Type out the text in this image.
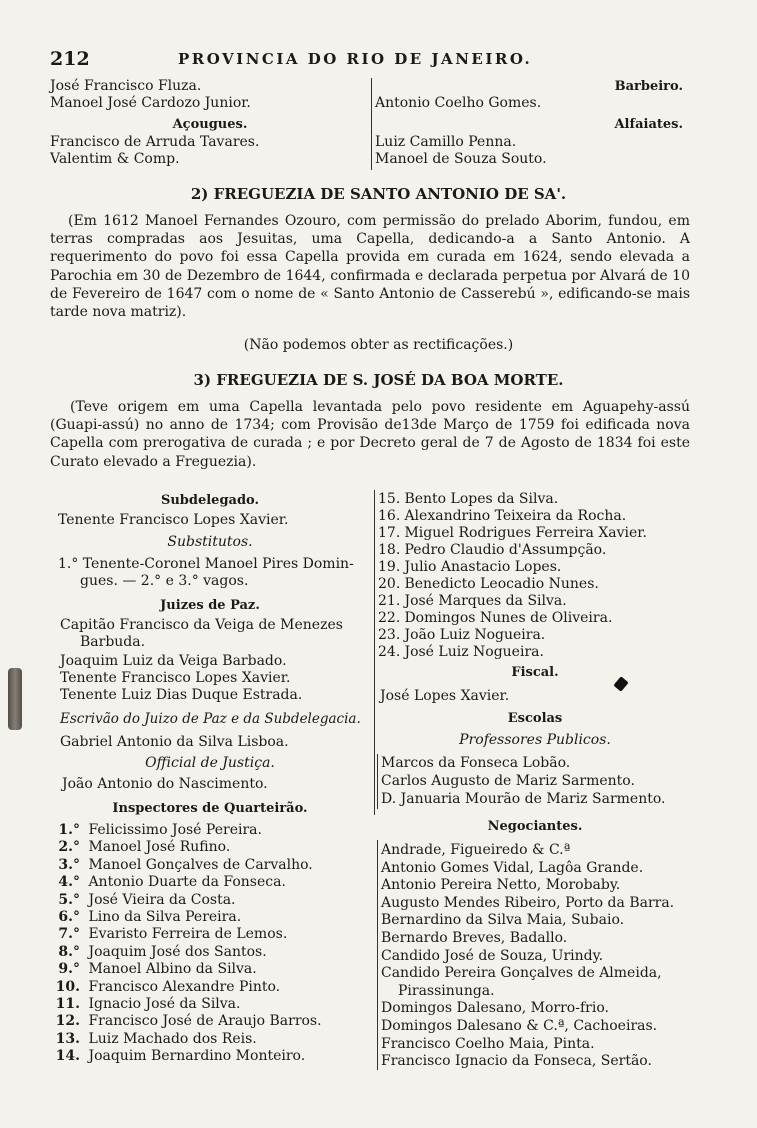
212	PROVINCIA DO RIO DE JANEIRO.
José Francisco Fluza.
Manoel José Cardozo Junior.
Açougues.
Francisco de Arruda Tavares.
Valentim & Comp.
Barbeiro.
Antonio Coelho Gomes.
Alfaiates.
Luiz Camillo Penna.
Manoel de Souza Souto.
2) FREGUEZIA DE SANTO ANTONIO DE SA'.
(Em 1612 Manoel Fernandes Ozouro, com permissão do prelado Aborim, fundou, em terras compradas aos Jesuitas, uma Capella, dedicando-a a Santo Antonio. A requerimento do povo foi essa Capella provida em curada em 1624, sendo elevada a Parochia em 30 de Dezembro de 1644, confirmada e declarada perpetua por Alvará de 10 de Fevereiro de 1647 com o nome de « Santo Antonio de Casserebú », edificando-se mais tarde nova matriz).
(Não podemos obter as rectificações.)
3) FREGUEZIA DE S. JOSÉ DA BOA MORTE.
(Teve origem em uma Capella levantada pelo povo residente em Aguapehy-assú (Guapi-assú) no anno de 1734; com Provisão de13de Março de 1759 foi edificada nova Capella com prerogativa de curada ; e por Decreto geral de 7 de Agosto de 1834 foi este Curato elevado a Freguezia).
Subdelegado.
Tenente Francisco Lopes Xavier.
Substitutos.
1.° Tenente-Coronel Manoel Pires Domin-
gues. — 2.° e 3.° vagos.
Juizes de Paz.
Capitão Francisco da Veiga de Menezes
Barbuda.
Joaquim Luiz da Veiga Barbado.
Tenente Francisco Lopes Xavier.
Tenente Luiz Dias Duque Estrada.
Escrivão do Juizo de Paz e da Subdelegacia.
Gabriel Antonio da Silva Lisboa.
Official de Justiça.
João Antonio do Nascimento.
Inspectores de Quarteirão.
1.° Felicissimo José Pereira.
2.° Manoel José Rufino.
3.° Manoel Gonçalves de Carvalho.
4.° Antonio Duarte da Fonseca.
5.° José Vieira da Costa.
6.° Lino da Silva Pereira.
7.° Evaristo Ferreira de Lemos.
8.° Joaquim José dos Santos.
9.° Manoel Albino da Silva.
10. Francisco Alexandre Pinto.
11. Ignacio José da Silva.
12. Francisco José de Araujo Barros.
13. Luiz Machado dos Reis.
14. Joaquim Bernardino Monteiro.
15. Bento Lopes da Silva.
16. Alexandrino Teixeira da Rocha.
17. Miguel Rodrigues Ferreira Xavier.
18. Pedro Claudio d'Assumpção.
19. Julio Anastacio Lopes.
20. Benedicto Leocadio Nunes.
21. José Marques da Silva.
22. Domingos Nunes de Oliveira.
23. João Luiz Nogueira.
24. José Luiz Nogueira.
Fiscal.
José Lopes Xavier.
Escolas
Professores Publicos.
Marcos da Fonseca Lobão.
Carlos Augusto de Mariz Sarmento.
D. Januaria Mourão de Mariz Sarmento.
Negociantes.
Andrade, Figueiredo & C.ª
Antonio Gomes Vidal, Lagôa Grande.
Antonio Pereira Netto, Morobaby.
Augusto Mendes Ribeiro, Porto da Barra.
Bernardino da Silva Maia, Subaio.
Bernardo Breves, Badallo.
Candido José de Souza, Urindy.
Candido Pereira Gonçalves de Almeida,
Pirassinunga.
Domingos Dalesano, Morro-frio.
Domingos Dalesano & C.ª, Cachoeiras.
Francisco Coelho Maia, Pinta.
Francisco Ignacio da Fonseca, Sertão.
